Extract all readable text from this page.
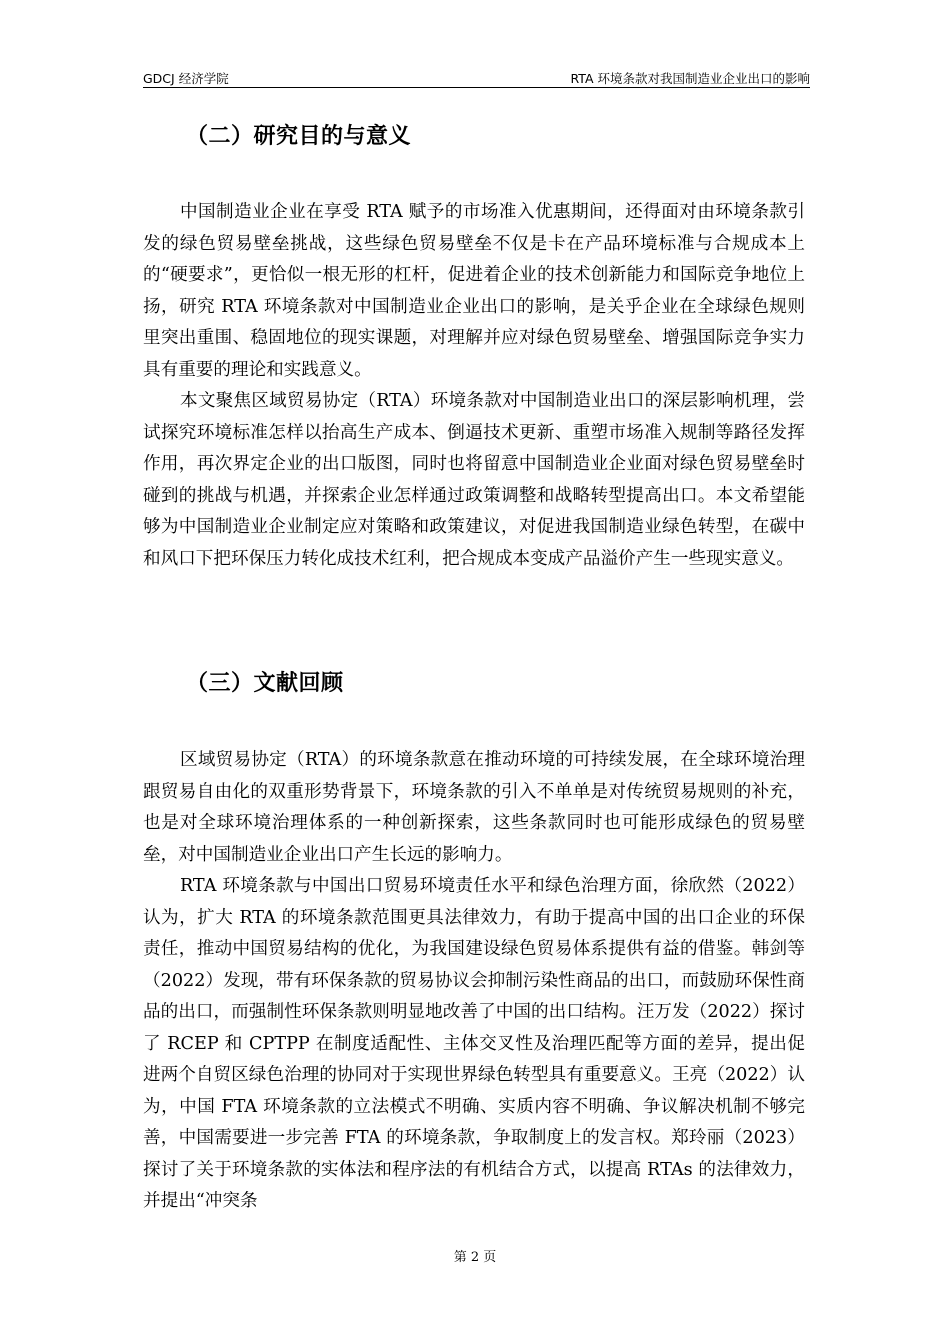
GDCJ 经济学院	RTA 环境条款对我国制造业企业出口的影响
（二）研究目的与意义

中国制造业企业在享受 RTA 赋予的市场准入优惠期间，还得面对由环境条款引发的绿色贸易壁垒挑战，这些绿色贸易壁垒不仅是卡在产品环境标准与合规成本上的“硬要求”，更恰似一根无形的杠杆，促进着企业的技术创新能力和国际竞争地位上扬，研究 RTA 环境条款对中国制造业企业出口的影响，是关乎企业在全球绿色规则里突出重围、稳固地位的现实课题，对理解并应对绿色贸易壁垒、增强国际竞争实力具有重要的理论和实践意义。

本文聚焦区域贸易协定（RTA）环境条款对中国制造业出口的深层影响机理，尝试探究环境标准怎样以抬高生产成本、倒逼技术更新、重塑市场准入规制等路径发挥作用，再次界定企业的出口版图，同时也将留意中国制造业企业面对绿色贸易壁垒时碰到的挑战与机遇，并探索企业怎样通过政策调整和战略转型提高出口。本文希望能够为中国制造业企业制定应对策略和政策建议，对促进我国制造业绿色转型，在碳中和风口下把环保压力转化成技术红利，把合规成本变成产品溢价产生一些现实意义。

（三）文献回顾

区域贸易协定（RTA）的环境条款意在推动环境的可持续发展，在全球环境治理跟贸易自由化的双重形势背景下，环境条款的引入不单单是对传统贸易规则的补充，也是对全球环境治理体系的一种创新探索，这些条款同时也可能形成绿色的贸易壁垒，对中国制造业企业出口产生长远的影响力。

RTA 环境条款与中国出口贸易环境责任水平和绿色治理方面，徐欣然（2022）认为，扩大 RTA 的环境条款范围更具法律效力，有助于提高中国的出口企业的环保责任，推动中国贸易结构的优化，为我国建设绿色贸易体系提供有益的借鉴。韩剑等（2022）发现，带有环保条款的贸易协议会抑制污染性商品的出口，而鼓励环保性商品的出口，而强制性环保条款则明显地改善了中国的出口结构。汪万发（2022）探讨了 RCEP 和 CPTPP 在制度适配性、主体交叉性及治理匹配等方面的差异，提出促进两个自贸区绿色治理的协同对于实现世界绿色转型具有重要意义。王亮（2022）认为，中国 FTA 环境条款的立法模式不明确、实质内容不明确、争议解决机制不够完善，中国需要进一步完善 FTA 的环境条款，争取制度上的发言权。郑玲丽（2023）探讨了关于环境条款的实体法和程序法的有机结合方式，以提高 RTAs 的法律效力，并提出“冲突条

第 2 页
